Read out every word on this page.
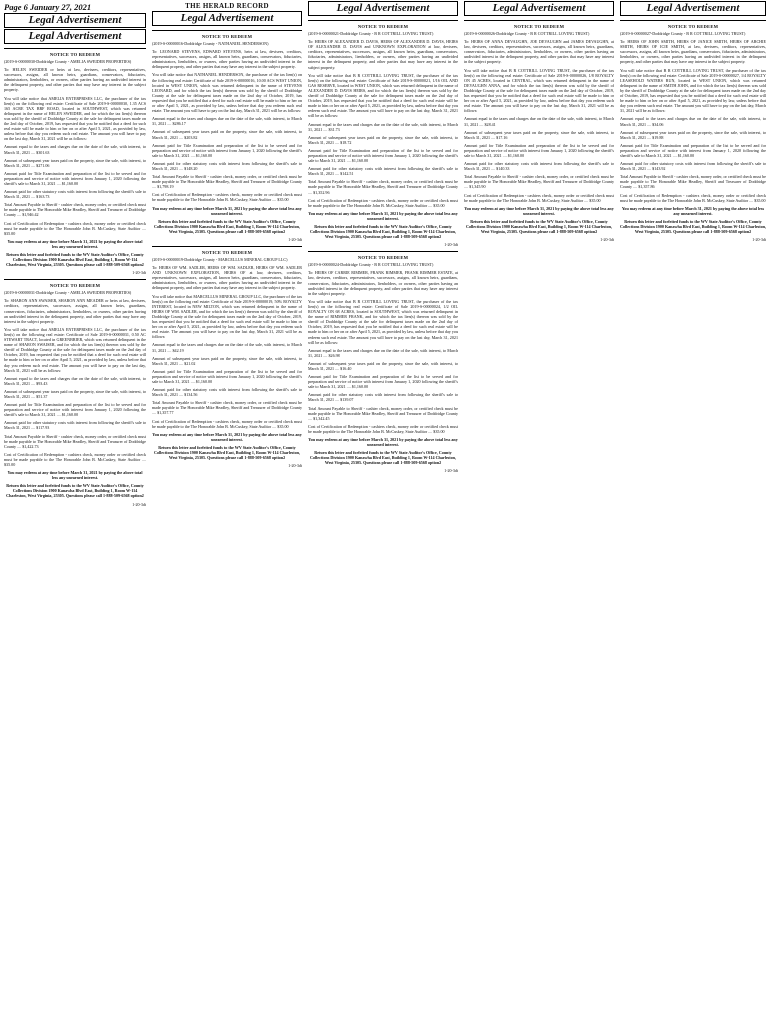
Page 6 January 27, 2021
Legal Advertisement
Legal Advertisement
NOTICE TO REDEEM

(2019-S-00000030-Doddridge County - AMELIA SWEIDER PROPERTIES)

To: HELEN SWEIDER or heirs at law, devisees, creditors, representatives, successors, assigns, all known heirs, guardians, conservators, fiduciaries, administrators, lienholders, or owners, other parties having an undivided interest in the delinquent property, and other parties that may have any interest in the subject property.

You will take notice that AMELIA ENTERPRISES LLC, the purchaser of the tax lien(s) on the following real estate: Certificate of Sale 2019-S-00000030, 1.35 ACS 165 ACRE TAX BRF ROAD, located in SOUTHWEST, which was returned delinquent in the name of HELEN SWEIDER, and for which the tax lien(s) thereon was sold by the sheriff of Doddridge County at the sale for delinquent taxes made on the 2nd day of October, 2019, has requested that you be notified that a deed for such real estate will be made to him or her on or after April 5, 2021, as provided by law, unless before that day you redeem such real estate. The amount you will have to pay on the last day, March 31, 2021 will be as follows:

Amount equal to the taxes and charges due on the date of the sale, with interest, to March 31, 2021 .... $301.63

Amount of subsequent year taxes paid on the property, since the sale, with interest, to March 31, 2021 .... $271.06

Amount paid for Title Examination and preparation of the list to be served and for preparation and service of notice with interest from January 1, 2020 following the sheriff's sale to March 31, 2021 .... $1,160.00

Amount paid for other statutory costs with interest from following the sheriff's sale to March 31, 2021 .... $163.73

Total Amount Payable to Sheriff - cashier check, money order, or certified check must be made payable to The Honorable Mike Headley, Sheriff and Treasurer of Doddridge County .... $1,946.42

Cost of Certification of Redemption - cashiers check, money order or certified check must be made payable to the The Honorable John B. McCuskey, State Auditor .... $35.00

You may redeem at any time before March 31, 2021 by paying the above total less any unearned interest.

Return this letter and forfeited funds to the WV State Auditor's Office, County Collections Division 1900 Kanawha Blvd East, Building 1, Room W-114 Charleston, West Virginia, 25305. Questions please call 1-888-509-6568 option2

1-20-3dt
NOTICE TO REDEEM

(2019-S-00000031-Doddridge County - AMELIA SWEIDER PROPERTIES)

To: SHARON ANN SWAISER, SHARON ANN MEADER or heirs at law, devisees, creditors, representatives, successors, assigns, all known heirs, guardians, conservators, fiduciaries, administrators, lienholders, or owners, other parties having an undivided interest in the delinquent property, and other parties that may have any interest in the subject property.

You will take notice that AMELIA ENTERPRISES LLC, the purchaser of the tax lien(s) on the following real estate: Certificate of Sale 2019-S-00000031, 0.50 AC STEWART TRACT, located in GREENBRIER, which was returned delinquent in the name of SHARON SWAISER, and for which the tax lien(s) thereon was sold by the sheriff of Doddridge County at the sale for delinquent taxes made on the 2nd day of October, 2019, has requested that you be notified that a deed for such real estate will be made to him or her on or after April 5, 2021, as provided by law, unless before that day you redeem such real estate. The amount you will have to pay on the last day, March 31, 2021 will be as follows:

Amount equal to the taxes and charges due on the date of the sale, with interest, to March 31, 2021 .... $93.43

Amount of subsequent year taxes paid on the property, since the sale, with interest, to March 31, 2021 .... $51.37

Amount paid for Title Examination and preparation of the list to be served and for preparation and service of notice with interest from January 1, 2020 following the sheriff's sale to March 31, 2021 .... $1,160.00

Amount paid for other statutory costs with interest from following the sheriff's sale to March 31, 2021 .... $117.93

Total Amount Payable to Sheriff - cashier check, money order, or certified check must be made payable to The Honorable Mike Headley, Sheriff and Treasurer of Doddridge County .... $1,422.73

Cost of Certification of Redemption - cashiers check, money order or certified check must be made payable to the The Honorable John B. McCuskey, State Auditor .... $35.00

You may redeem at any time before March 31, 2021 by paying the above total less any unearned interest.

Return this letter and forfeited funds to the WV State Auditor's Office, County Collections Division 1900 Kanawha Blvd East, Building 1, Room W-114 Charleston, West Virginia, 25305. Questions please call 1-888-509-6568 option2

1-20-3dt
THE HERALD RECORD
Legal Advertisement
NOTICE TO REDEEM

(2019-S-00000016-Doddridge County - NATHANIEL HENDERSON)

To: LEONARD STEVENS, EDWARD STEVENS, heirs at law, devisees, creditors, representatives, successors, assigns, all known heirs, guardians, conservators, fiduciaries, administrators, lienholders, or owners, other parties having an undivided interest in the delinquent property, and other parties that may have any interest in the subject property.

You will take notice that NATHANIEL HENDERSON, the purchaser of the tax lien(s) on the following real estate: Certificate of Sale 2019-S-00000016, 10.00 ACS WEST UNION, located in WEST UNION, which was returned delinquent in the name of STEVENS LEONARD, and for which the tax lien(s) thereon was sold by the sheriff of Doddridge County at the sale for delinquent taxes made on the 2nd day of October, 2019, has requested that you be notified that a deed for such real estate will be made to him or her on or after April 5, 2021, as provided by law, unless before that day you redeem such real estate. The amount you will have to pay on the last day, March 31, 2021 will be as follows:

Amount equal to the taxes and charges due on the date of the sale, with interest, to March 31, 2021 .... $286.17

Amount of subsequent year taxes paid on the property, since the sale, with interest, to March 31, 2021 .... $203.82

Amount paid for Title Examination and preparation of the list to be served and for preparation and service of notice with interest from January 1, 2020 following the sheriff's sale to March 31, 2021 .... $1,160.00

Amount paid for other statutory costs with interest from following the sheriff's sale to March 31, 2021 .... $148.20

Total Amount Payable to Sheriff - cashier check, money order, or certified check must be made payable to The Honorable Mike Headley, Sheriff and Treasurer of Doddridge County .... $1,798.19

Cost of Certification of Redemption - cashiers check, money order or certified check must be made payable to the The Honorable John B. McCuskey, State Auditor .... $35.00

You may redeem at any time before March 31, 2021 by paying the above total less any unearned interest.

Return this letter and forfeited funds to the WV State Auditor's Office, County Collections Division 1900 Kanawha Blvd East, Building 1, Room W-114 Charleston, West Virginia, 25305. Questions please call 1-888-509-6568 option2

1-20-3dt
NOTICE TO REDEEM

(2019-S-00000019-Doddridge County - MARCELLUS MINERAL GROUP LLC)

To: HEIRS OF WM. SADLER, HEIRS OF WM. SADLER, HEIRS OF WM. SADLER AND UNKNOWN EXPLORATION, HEIRS OF at law, devisees, creditors, representatives, successors, assigns, all known heirs, guardians, conservators, fiduciaries, administrators, lienholders, or owners, other parties having an undivided interest in the delinquent property, and other parties that may have any interest in the subject property.

You will take notice that MARCELLUS MINERAL GROUP LLC, the purchaser of the tax lien(s) on the following real estate: Certificate of Sale 2019-S-00000019, 50% ROYALTY INTEREST, located in NEW MILTON, which was returned delinquent in the name of HEIRS OF WM. SADLER, and for which the tax lien(s) thereon was sold by the sheriff of Doddridge County at the sale for delinquent taxes made on the 2nd day of October, 2019, has requested that you be notified that a deed for such real estate will be made to him or her on or after April 5, 2021, as provided by law, unless before that day you redeem such real estate. The amount you will have to pay on the last day, March 31, 2021 will be as follows:

Amount equal to the taxes and charges due on the date of the sale, with interest, to March 31, 2021 .... $42.19

Amount of subsequent year taxes paid on the property, since the sale, with interest, to March 31, 2021 .... $21.02

Amount paid for Title Examination and preparation of the list to be served and for preparation and service of notice with interest from January 1, 2020 following the sheriff's sale to March 31, 2021 .... $1,160.00

Amount paid for other statutory costs with interest from following the sheriff's sale to March 31, 2021 .... $134.56

Total Amount Payable to Sheriff - cashier check, money order, or certified check must be made payable to The Honorable Mike Headley, Sheriff and Treasurer of Doddridge County .... $1,357.77

Cost of Certification of Redemption - cashiers check, money order or certified check must be made payable to the The Honorable John B. McCuskey, State Auditor .... $35.00

You may redeem at any time before March 31, 2021 by paying the above total less any unearned interest.

Return this letter and forfeited funds to the WV State Auditor's Office, County Collections Division 1900 Kanawha Blvd East, Building 1, Room W-114 Charleston, West Virginia, 25305. Questions please call 1-888-509-6568 option2

1-20-3dt
Legal Advertisement
NOTICE TO REDEEM

(2019-S-00000021-Doddridge County - B R COTTRILL LOVING TRUST)

To: HEIRS OF ALEXANDER D. DAVIS, HEIRS OF ALEXANDER D. DAVIS, HEIRS OF ALEXANDER D. DAVIS and UNKNOWN EXPLORATION at law, devisees, creditors, representatives, successors, assigns, all known heirs, guardians, conservators, fiduciaries, administrators, lienholders, or owners, other parties having an undivided interest in the delinquent property, and other parties that may have any interest in the subject property.

You will take notice that B R COTTRILL LOVING TRUST, the purchaser of the tax lien(s) on the following real estate: Certificate of Sale 2019-S-00000021, 1/16 OIL AND GAS RESERVE, located in WEST UNION, which was returned delinquent in the name of ALEXANDER D. DAVIS HEIRS, and for which the tax lien(s) thereon was sold by the sheriff of Doddridge County at the sale for delinquent taxes made on the 2nd day of October, 2019, has requested that you be notified that a deed for such real estate will be made to him or her on or after April 5, 2021, as provided by law, unless before that day you redeem such real estate. The amount you will have to pay on the last day, March 31, 2021 will be as follows:

Amount equal to the taxes and charges due on the date of the sale, with interest, to March 31, 2021 .... $31.73

Amount of subsequent year taxes paid on the property, since the sale, with interest, to March 31, 2021 .... $18.72

Amount paid for Title Examination and preparation of the list to be served and for preparation and service of notice with interest from January 1, 2020 following the sheriff's sale to March 31, 2021 .... $1,160.00

Amount paid for other statutory costs with interest from following the sheriff's sale to March 31, 2021 .... $142.51

Total Amount Payable to Sheriff - cashier check, money order, or certified check must be made payable to The Honorable Mike Headley, Sheriff and Treasurer of Doddridge County .... $1,352.96

Cost of Certification of Redemption - cashiers check, money order or certified check must be made payable to the The Honorable John B. McCuskey, State Auditor .... $35.00

You may redeem at any time before March 31, 2021 by paying the above total less any unearned interest.

Return this letter and forfeited funds to the WV State Auditor's Office, County Collections Division 1900 Kanawha Blvd East, Building 1, Room W-114 Charleston, West Virginia, 25305. Questions please call 1-888-509-6568 option2

1-20-3dt
NOTICE TO REDEEM

(2019-S-00000024-Doddridge County - B R COTTRILL LOVING TRUST)

To: HEIRS OF CARRIE RIMMER, FRANK RIMMER, FRANK RIMMER ESTATE, at law, devisees, creditors, representatives, successors, assigns, all known heirs, guardians, conservators, fiduciaries, administrators, lienholders, or owners, other parties having an undivided interest in the delinquent property, and other parties that may have any interest in the subject property.

You will take notice that B R COTTRILL LOVING TRUST, the purchaser of the tax lien(s) on the following real estate: Certificate of Sale 2019-S-00000024, 1/2 OIL ROYALTY ON 68 ACRES, located in SOUTHWEST, which was returned delinquent in the name of RIMMER FRANK, and for which the tax lien(s) thereon was sold by the sheriff of Doddridge County at the sale for delinquent taxes made on the 2nd day of October, 2019, has requested that you be notified that a deed for such real estate will be made to him or her on or after April 5, 2021, as provided by law, unless before that day you redeem such real estate. The amount you will have to pay on the last day, March 31, 2021 will be as follows:

Amount equal to the taxes and charges due on the date of the sale, with interest, to March 31, 2021 .... $26.98

Amount of subsequent year taxes paid on the property, since the sale, with interest, to March 31, 2021 .... $16.40

Amount paid for Title Examination and preparation of the list to be served and for preparation and service of notice with interest from January 1, 2020 following the sheriff's sale to March 31, 2021 .... $1,160.00

Amount paid for other statutory costs with interest from following the sheriff's sale to March 31, 2021 .... $139.07

Total Amount Payable to Sheriff - cashier check, money order, or certified check must be made payable to The Honorable Mike Headley, Sheriff and Treasurer of Doddridge County .... $1,342.45

Cost of Certification of Redemption - cashiers check, money order or certified check must be made payable to the The Honorable John B. McCuskey, State Auditor .... $35.00

You may redeem at any time before March 31, 2021 by paying the above total less any unearned interest.

Return this letter and forfeited funds to the WV State Auditor's Office, County Collections Division 1900 Kanawha Blvd East, Building 1, Room W-114 Charleston, West Virginia, 25305. Questions please call 1-888-509-6568 option2

1-20-3dt
Legal Advertisement
NOTICE TO REDEEM

(2019-S-00000026-Doddridge County - B R COTTRILL LOVING TRUST)

To: HEIRS OF ANNA DEVAUGHN, JOE DEVAUGHN and JAMES DEVAUGHN, at law, devisees, creditors, representatives, successors, assigns, all known heirs, guardians, conservators, fiduciaries, administrators, lienholders, or owners, other parties having an undivided interest in the delinquent property, and other parties that may have any interest in the subject property.

You will take notice that B R COTTRILL LOVING TRUST, the purchaser of the tax lien(s) on the following real estate: Certificate of Sale 2019-S-00000026, 1/8 ROYALTY ON 45 ACRES, located in CENTRAL, which was returned delinquent in the name of DEVAUGHN ANNA, and for which the tax lien(s) thereon was sold by the sheriff of Doddridge County at the sale for delinquent taxes made on the 2nd day of October, 2019, has requested that you be notified that a deed for such real estate will be made to him or her on or after April 5, 2021, as provided by law, unless before that day you redeem such real estate. The amount you will have to pay on the last day, March 31, 2021 will be as follows:

Amount equal to the taxes and charges due on the date of the sale, with interest, to March 31, 2021 .... $28.41

Amount of subsequent year taxes paid on the property, since the sale, with interest, to March 31, 2021 .... $17.16

Amount paid for Title Examination and preparation of the list to be served and for preparation and service of notice with interest from January 1, 2020 following the sheriff's sale to March 31, 2021 .... $1,160.00

Amount paid for other statutory costs with interest from following the sheriff's sale to March 31, 2021 .... $140.33

Total Amount Payable to Sheriff - cashier check, money order, or certified check must be made payable to The Honorable Mike Headley, Sheriff and Treasurer of Doddridge County .... $1,345.90

Cost of Certification of Redemption - cashiers check, money order or certified check must be made payable to the The Honorable John B. McCuskey, State Auditor .... $35.00

You may redeem at any time before March 31, 2021 by paying the above total less any unearned interest.

Return this letter and forfeited funds to the WV State Auditor's Office, County Collections Division 1900 Kanawha Blvd East, Building 1, Room W-114 Charleston, West Virginia, 25305. Questions please call 1-888-509-6568 option2

1-20-3dt
Legal Advertisement
NOTICE TO REDEEM

(2019-S-00000027-Doddridge County - B R COTTRILL LOVING TRUST)

To: HEIRS OF JOHN SMITH, HEIRS OF JANICE SMITH, HEIRS OF ARCHIE SMITH, HEIRS OF ICIE SMITH, at law, devisees, creditors, representatives, successors, assigns, all known heirs, guardians, conservators, fiduciaries, administrators, lienholders, or owners, other parties having an undivided interest in the delinquent property, and other parties that may have any interest in the subject property.

You will take notice that B R COTTRILL LOVING TRUST, the purchaser of the tax lien(s) on the following real estate: Certificate of Sale 2019-S-00000027, 1/4 ROYALTY LEASEHOLD WATERS RUN, located in WEST UNION, which was returned delinquent in the name of SMITH JOHN, and for which the tax lien(s) thereon was sold by the sheriff of Doddridge County at the sale for delinquent taxes made on the 2nd day of October, 2019, has requested that you be notified that a deed for such real estate will be made to him or her on or after April 5, 2021, as provided by law, unless before that day you redeem such real estate. The amount you will have to pay on the last day, March 31, 2021 will be as follows:

Amount equal to the taxes and charges due on the date of the sale, with interest, to March 31, 2021 .... $34.06

Amount of subsequent year taxes paid on the property, since the sale, with interest, to March 31, 2021 .... $19.88

Amount paid for Title Examination and preparation of the list to be served and for preparation and service of notice with interest from January 1, 2020 following the sheriff's sale to March 31, 2021 .... $1,160.00

Amount paid for other statutory costs with interest from following the sheriff's sale to March 31, 2021 .... $143.92

Total Amount Payable to Sheriff - cashier check, money order, or certified check must be made payable to The Honorable Mike Headley, Sheriff and Treasurer of Doddridge County .... $1,357.86

Cost of Certification of Redemption - cashiers check, money order or certified check must be made payable to the The Honorable John B. McCuskey, State Auditor .... $35.00

You may redeem at any time before March 31, 2021 by paying the above total less any unearned interest.

Return this letter and forfeited funds to the WV State Auditor's Office, County Collections Division 1900 Kanawha Blvd East, Building 1, Room W-114 Charleston, West Virginia, 25305. Questions please call 1-888-509-6568 option2

1-20-3dt
